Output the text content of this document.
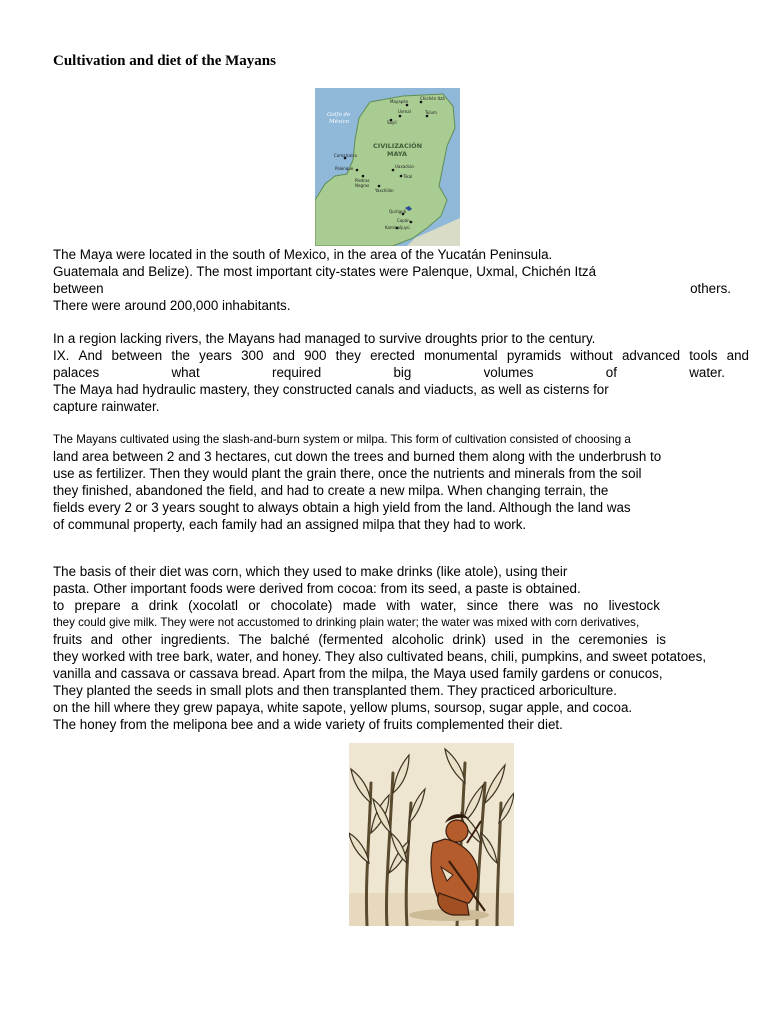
Cultivation and diet of the Mayans
Golfo de
México
CIVILIZACIÓN
MAYA
Mayapán
Chichén Itzá
Uxmal	Tulum
Sayil
Comalcalco
Palenque	Uaxactún
Piedras
Negras
Tikal
Yaxchilán
Quiriguá
Copán
Kaminaljuyú
The Maya were located in the south of Mexico, in the area of the Yucatán Peninsula.
Guatemala and Belize). The most important city-states were Palenque, Uxmal, Chichén Itzá
between	others.
There were around 200,000 inhabitants.
In a region lacking rivers, the Mayans had managed to survive droughts prior to the century.
IX. And between the years 300 and 900 they erected monumental pyramids without advanced tools and
palaces	what	required	big	volumes	of	water.
The Maya had hydraulic mastery, they constructed canals and viaducts, as well as cisterns for
capture rainwater.
The Mayans cultivated using the slash-and-burn system or milpa. This form of cultivation consisted of choosing a
land area between 2 and 3 hectares, cut down the trees and burned them along with the underbrush to
use as fertilizer. Then they would plant the grain there, once the nutrients and minerals from the soil
they finished, abandoned the field, and had to create a new milpa. When changing terrain, the
fields every 2 or 3 years sought to always obtain a high yield from the land. Although the land was
of communal property, each family had an assigned milpa that they had to work.
The basis of their diet was corn, which they used to make drinks (like atole), using their
pasta. Other important foods were derived from cocoa: from its seed, a paste is obtained.
to prepare a drink (xocolatl or chocolate) made with water, since there was no livestock
they could give milk. They were not accustomed to drinking plain water; the water was mixed with corn derivatives,
fruits and other ingredients. The balché (fermented alcoholic drink) used in the ceremonies is
they worked with tree bark, water, and honey. They also cultivated beans, chili, pumpkins, and sweet potatoes,
vanilla and cassava or cassava bread. Apart from the milpa, the Maya used family gardens or conucos,
They planted the seeds in small plots and then transplanted them. They practiced arboriculture.
on the hill where they grew papaya, white sapote, yellow plums, soursop, sugar apple, and cocoa.
The honey from the melipona bee and a wide variety of fruits complemented their diet.
